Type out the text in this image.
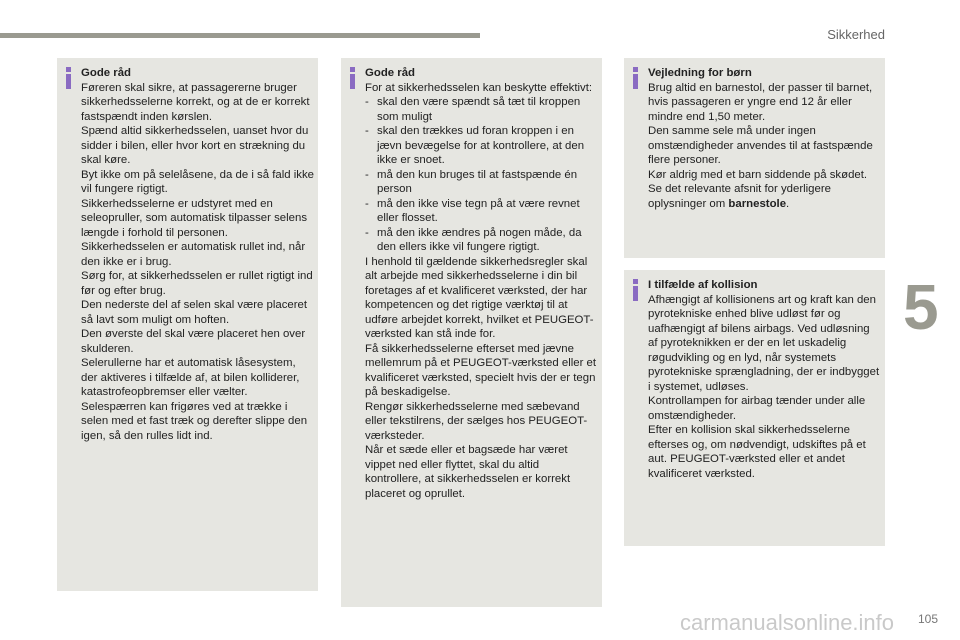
Sikkerhed
5
Gode råd
Føreren skal sikre, at passagererne bruger sikkerhedsselerne korrekt, og at de er korrekt fastspændt inden kørslen.
Spænd altid sikkerhedsselen, uanset hvor du sidder i bilen, eller hvor kort en strækning du skal køre.
Byt ikke om på selelåsene, da de i så fald ikke vil fungere rigtigt.
Sikkerhedsselerne er udstyret med en seleopruller, som automatisk tilpasser selens længde i forhold til personen.
Sikkerhedsselen er automatisk rullet ind, når den ikke er i brug.
Sørg for, at sikkerhedsselen er rullet rigtigt ind før og efter brug.
Den nederste del af selen skal være placeret så lavt som muligt om hoften.
Den øverste del skal være placeret hen over skulderen.
Selerullerne har et automatisk låsesystem, der aktiveres i tilfælde af, at bilen kolliderer, katastrofeopbremser eller vælter. Selespærren kan frigøres ved at trække i selen med et fast træk og derefter slippe den igen, så den rulles lidt ind.
Gode råd
For at sikkerhedsselen kan beskytte effektivt:
- skal den være spændt så tæt til kroppen som muligt
- skal den trækkes ud foran kroppen i en jævn bevægelse for at kontrollere, at den ikke er snoet.
- må den kun bruges til at fastspænde én person
- må den ikke vise tegn på at være revnet eller flosset.
- må den ikke ændres på nogen måde, da den ellers ikke vil fungere rigtigt.
I henhold til gældende sikkerhedsregler skal alt arbejde med sikkerhedsselerne i din bil foretages af et kvalificeret værksted, der har kompetencen og det rigtige værktøj til at udføre arbejdet korrekt, hvilket et PEUGEOT-værksted kan stå inde for.
Få sikkerhedsselerne efterset med jævne mellemrum på et PEUGEOT-værksted eller et kvalificeret værksted, specielt hvis der er tegn på beskadigelse.
Rengør sikkerhedsselerne med sæbevand eller tekstilrens, der sælges hos PEUGEOT-værksteder.
Når et sæde eller et bagsæde har været vippet ned eller flyttet, skal du altid kontrollere, at sikkerhedsselen er korrekt placeret og oprullet.
Vejledning for børn
Brug altid en barnestol, der passer til barnet, hvis passageren er yngre end 12 år eller mindre end 1,50 meter.
Den samme sele må under ingen omstændigheder anvendes til at fastspænde flere personer.
Kør aldrig med et barn siddende på skødet.
Se det relevante afsnit for yderligere oplysninger om barnestole.
I tilfælde af kollision
Afhængigt af kollisionens art og kraft kan den pyrotekniske enhed blive udløst før og uafhængigt af bilens airbags. Ved udløsning af pyroteknikken er der en let uskadelig røgudvikling og en lyd, når systemets pyrotekniske sprængladning, der er indbygget i systemet, udløses.
Kontrollampen for airbag tænder under alle omstændigheder.
Efter en kollision skal sikkerhedsselerne efterses og, om nødvendigt, udskiftes på et aut. PEUGEOT-værksted eller et andet kvalificeret værksted.
105
carmanualsonline.info
